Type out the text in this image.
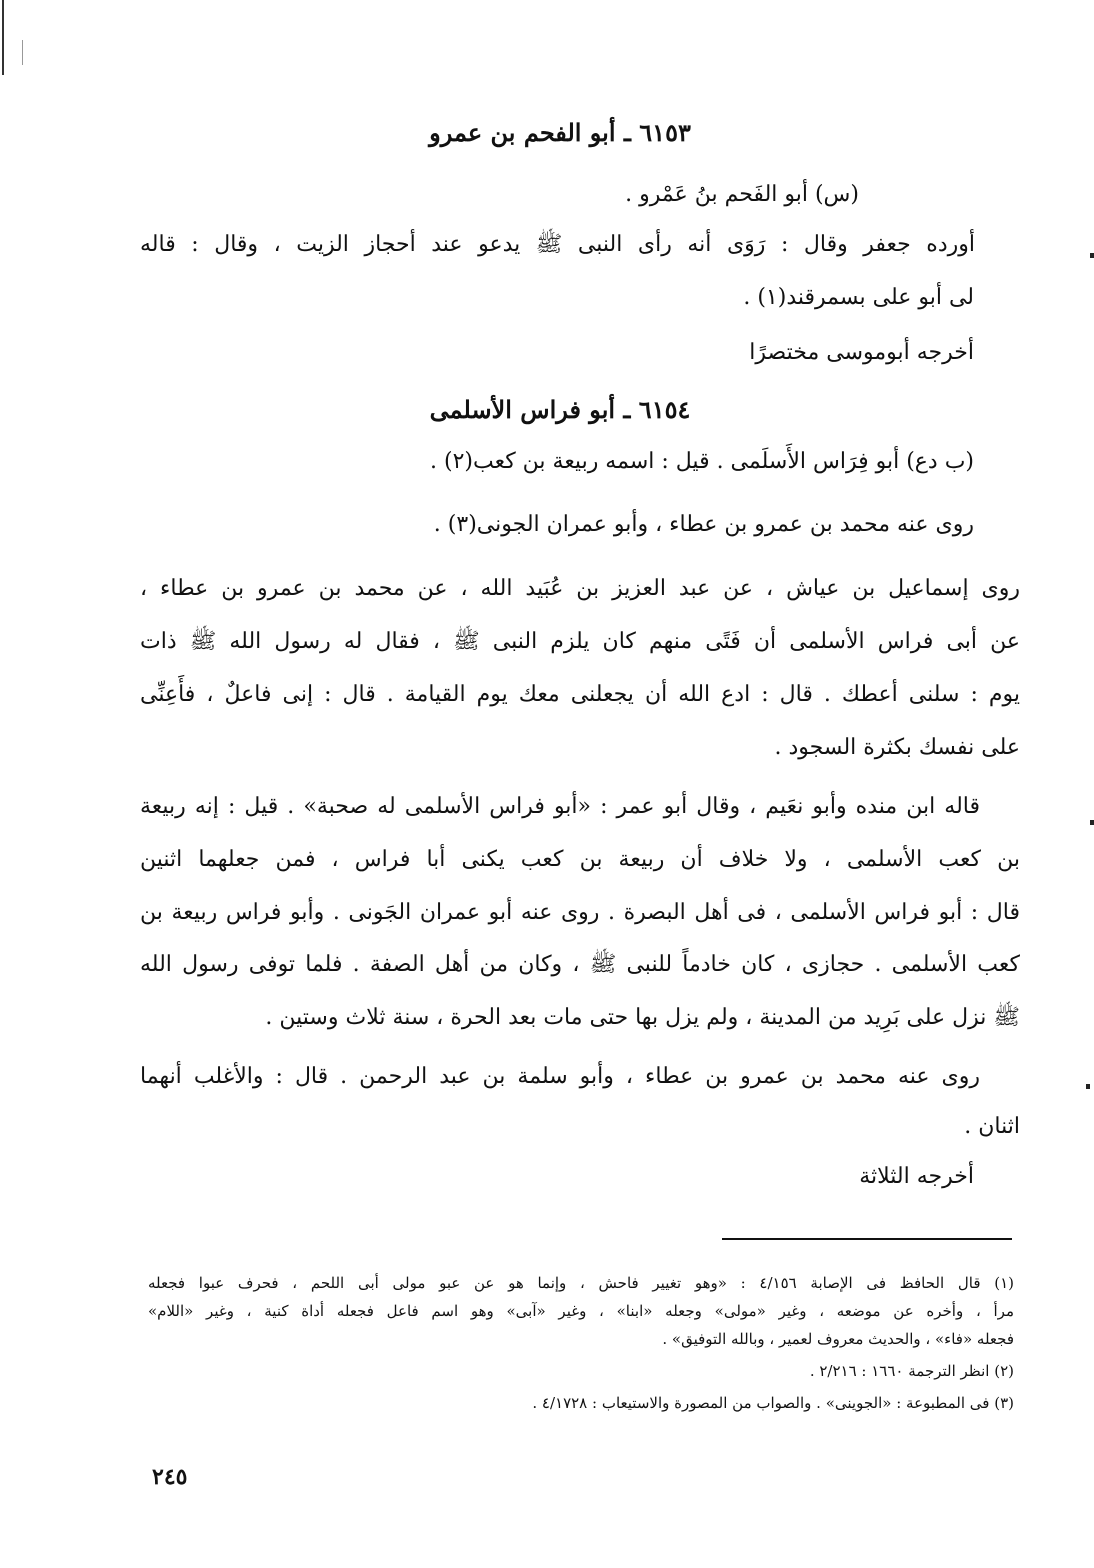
٦١٥٣ ـ أبو الفحم بن عمرو
(س) أبو الفَحم بنُ عَمْرو .
أورده جعفر وقال : رَوَى أنه رأى النبى ﷺ يدعو عند أحجاز الزيت ، وقال : قاله
لى أبو على بسمرقند(١) .
أخرجه أبوموسى مختصرًا
٦١٥٤ ـ أبو فراس الأسلمى
(ب دع) أبو فِرَاس الأَسلَمى . قيل : اسمه ربيعة بن كعب(٢) .
روى عنه محمد بن عمرو بن عطاء ، وأبو عمران الجونى(٣) .
روى إسماعيل بن عياش ، عن عبد العزيز بن عُبَيد الله ، عن محمد بن عمرو بن عطاء ،
عن أبى فراس الأسلمى أن فَتًى منهم كان يلزم النبى ﷺ ، فقال له رسول الله ﷺ ذات
يوم : سلنى أعطك . قال : ادع الله أن يجعلنى معك يوم القيامة . قال : إنى فاعلٌ ، فأَعِنِّى
على نفسك بكثرة السجود .
قاله ابن منده وأبو نعَيم ، وقال أبو عمر : «أبو فراس الأسلمى له صحبة» . قيل : إنه ربيعة
بن كعب الأسلمى ، ولا خلاف أن ربيعة بن كعب يكنى أبا فراس ، فمن جعلهما اثنين
قال : أبو فراس الأسلمى ، فى أهل البصرة . روى عنه أبو عمران الجَونى . وأبو فراس ربيعة بن
كعب الأسلمى . حجازى ، كان خادماً للنبى ﷺ ، وكان من أهل الصفة . فلما توفى رسول الله
ﷺ نزل على بَرِيد من المدينة ، ولم يزل بها حتى مات بعد الحرة ، سنة ثلاث وستين .
روى عنه محمد بن عمرو بن عطاء ، وأبو سلمة بن عبد الرحمن . قال : والأغلب أنهما
اثنان .
أخرجه الثلاثة
(١) قال الحافظ فى الإصابة ٤/١٥٦ : «وهو تغيير فاحش ، وإنما هو عن عبو مولى أبى اللحم ، فحرف عبوا فجعله
مرأ ، وأخره عن موضعه ، وغير «مولى» وجعله «ابنا» ، وغير «آبى» وهو اسم فاعل فجعله أداة كنية ، وغير «اللام»
فجعله «فاء» ، والحديث معروف لعمير ، وبالله التوفيق» .
(٢) انظر الترجمة ١٦٦٠ : ٢/٢١٦ .
(٣) فى المطبوعة : «الجوينى» . والصواب من المصورة والاستيعاب : ٤/١٧٢٨ .
٢٤٥
